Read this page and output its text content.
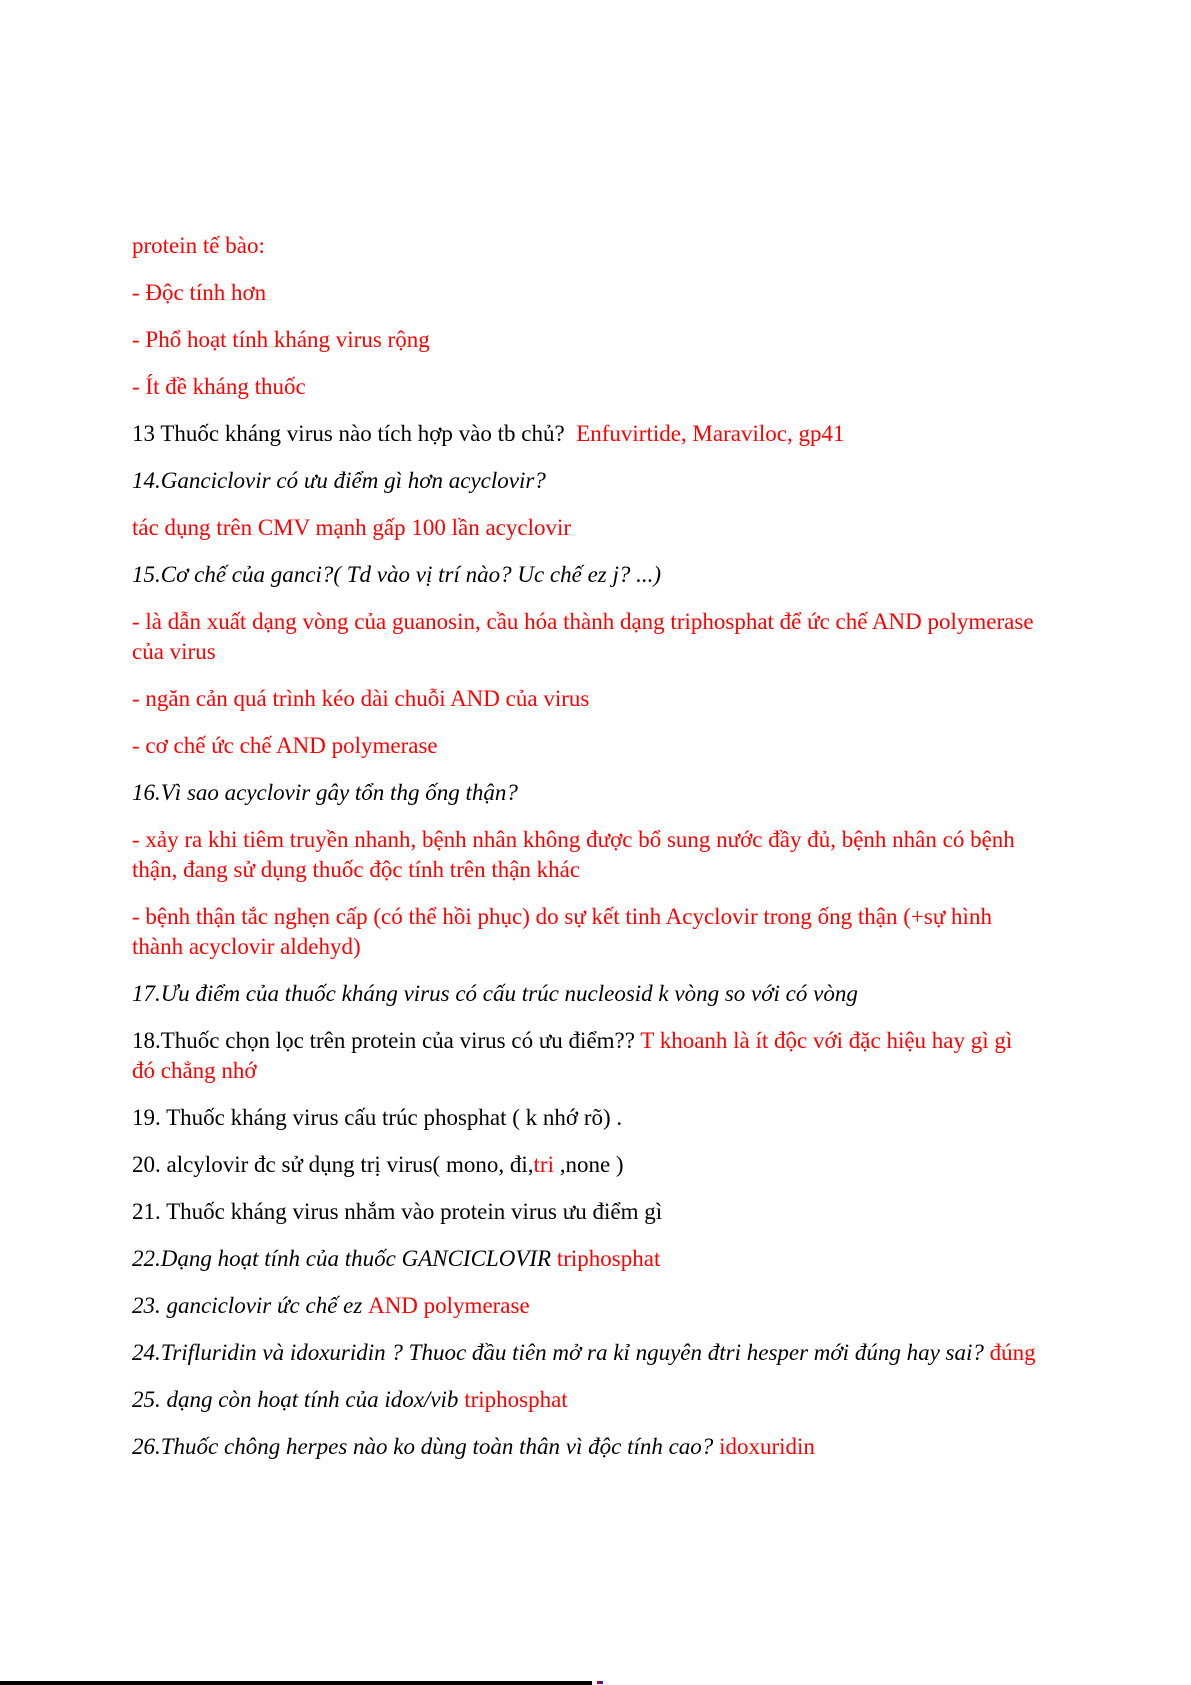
protein tế bào:

- Độc tính hơn

- Phổ hoạt tính kháng virus rộng

- Ít đề kháng thuốc

13 Thuốc kháng virus nào tích hợp vào tb chủ?  Enfuvirtide, Maraviloc, gp41

14.Ganciclovir có ưu điểm gì hơn acyclovir?

tác dụng trên CMV mạnh gấp 100 lần acyclovir

15.Cơ chế của ganci?( Td vào vị trí nào? Uc chế ez j? ...)

- là dẫn xuất dạng vòng của guanosin, cầu hóa thành dạng triphosphat để ức chế AND polymerase của virus

- ngăn cản quá trình kéo dài chuỗi AND của virus

- cơ chế ức chế AND polymerase

16.Vì sao acyclovir gây tổn thg ống thận?

- xảy ra khi tiêm truyền nhanh, bệnh nhân không được bổ sung nước đầy đủ, bệnh nhân có bệnh thận, đang sử dụng thuốc độc tính trên thận khác

- bệnh thận tắc nghẹn cấp (có thể hồi phục) do sự kết tinh Acyclovir trong ống thận (+sự hình thành acyclovir aldehyd)

17.Ưu điểm của thuốc kháng virus có cấu trúc nucleosid k vòng so với có vòng

18.Thuốc chọn lọc trên protein của virus có ưu điểm?? T khoanh là ít độc với đặc hiệu hay gì gì đó chẳng nhớ

19. Thuốc kháng virus cấu trúc phosphat ( k nhớ rõ) .

20. alcylovir đc sử dụng trị virus( mono, đi,tri ,none )

21. Thuốc kháng virus nhắm vào protein virus ưu điểm gì

22.Dạng hoạt tính của thuốc GANCICLOVIR triphosphat

23. ganciclovir ức chế ez AND polymerase

24.Trifluridin và idoxuridin ? Thuoc đầu tiên mở ra kỉ nguyên đtri hesper mới đúng hay sai? đúng

25. dạng còn hoạt tính của idox/vib triphosphat

26.Thuốc chông herpes nào ko dùng toàn thân vì độc tính cao? idoxuridin
